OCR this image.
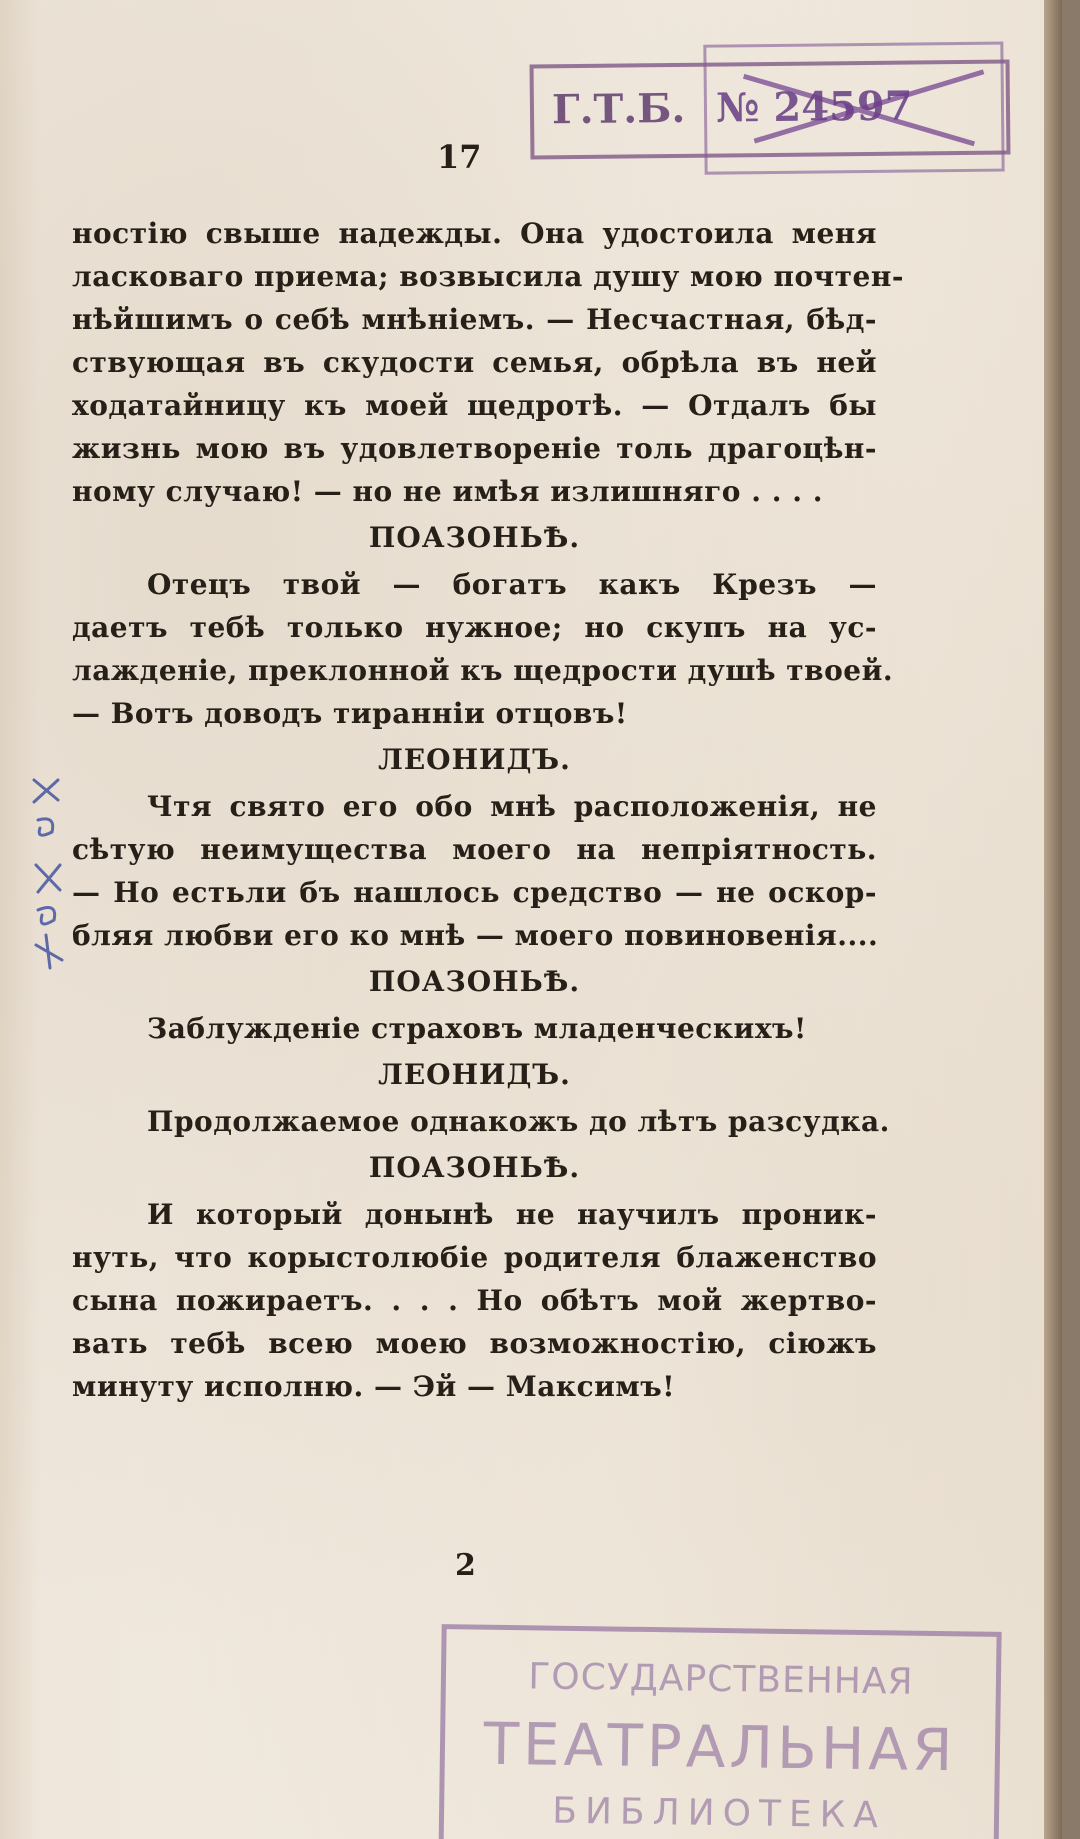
Г.Т.Б. № 24597
17
ностію свыше надежды. Она удостоила меня
ласковаго приема; возвысила душу мою почтен-
нѣйшимъ о себѣ мнѣніемъ. — Несчастная, бѣд-
ствующая въ скудости семья, обрѣла въ ней
ходатайницу къ моей щедротѣ. — Отдалъ бы
жизнь мою въ удовлетвореніе толь драгоцѣн-
ному случаю! — но не имѣя излишняго . . . .
ПОАЗОНЬѢ.
Отецъ твой — богатъ какъ Крезъ —
даетъ тебѣ только нужное; но скупъ на ус-
лажденіе, преклонной къ щедрости душѣ твоей.
— Вотъ доводъ тиранніи отцовъ!
ЛЕОНИДЪ.
Чтя свято его обо мнѣ расположенія, не
сѣтую неимущества моего на непріятность.
— Но естьли бъ нашлось средство — не оскор-
бляя любви его ко мнѣ — моего повиновенія....
ПОАЗОНЬѢ.
Заблужденіе страховъ младенческихъ!
ЛЕОНИДЪ.
Продолжаемое однакожъ до лѣтъ разсудка.
ПОАЗОНЬѢ.
И который донынѣ не научилъ проник-
нуть, что корыстолюбіе родителя блаженство
сына пожираетъ. . . . Но обѣтъ мой жертво-
вать тебѣ всею моею возможностію, сіюжъ
минуту исполню. — Эй — Максимъ!
2
ГОСУДАРСТВЕННАЯ
ТЕАТРАЛЬНАЯ
БИБЛИОТЕКА
